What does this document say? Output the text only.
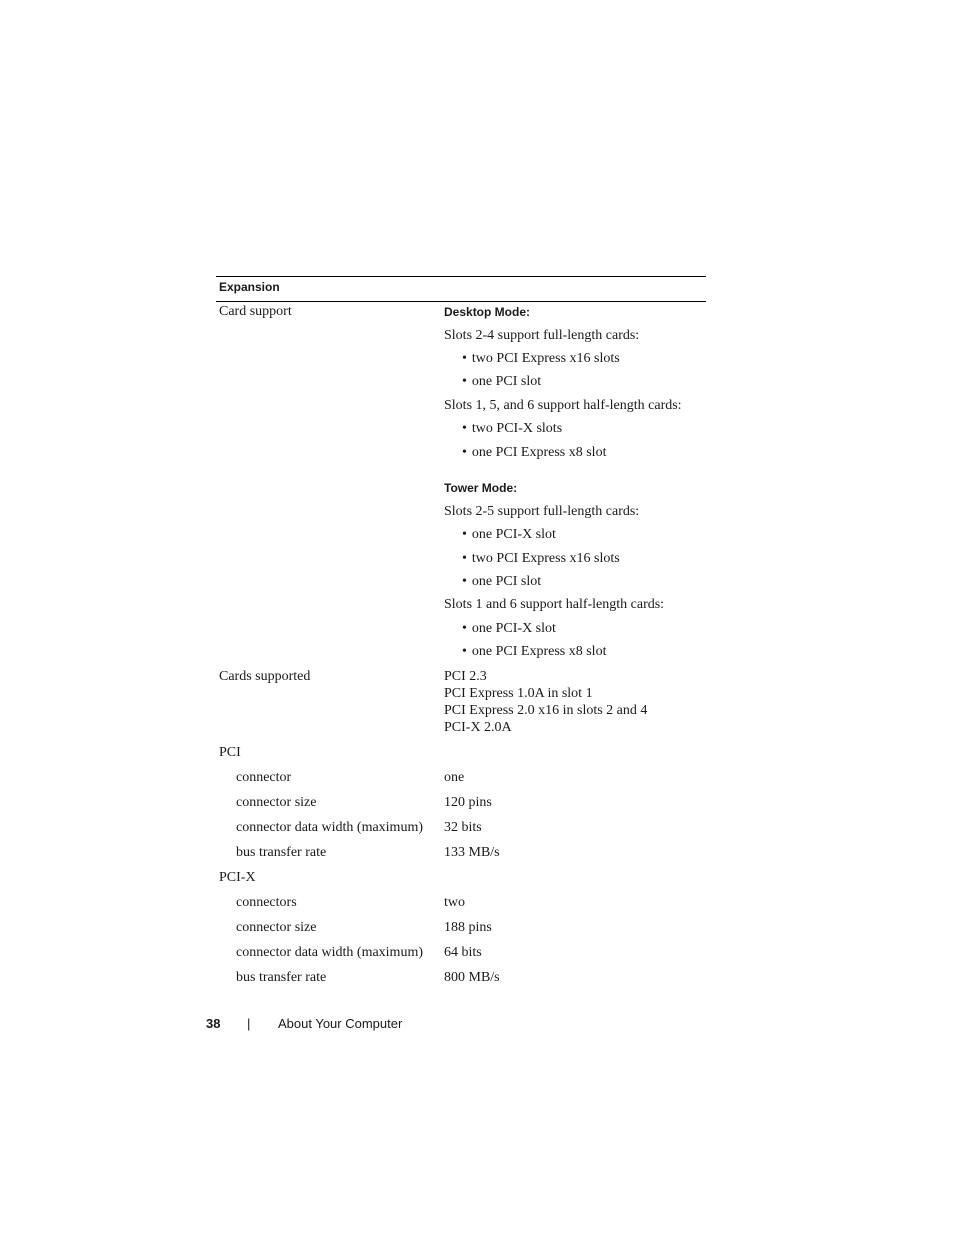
Expansion
Card support	Desktop Mode:
Slots 2-4 support full-length cards:
• two PCI Express x16 slots
• one PCI slot
Slots 1, 5, and 6 support half-length cards:
• two PCI-X slots
• one PCI Express x8 slot
Tower Mode:
Slots 2-5 support full-length cards:
• one PCI-X slot
• two PCI Express x16 slots
• one PCI slot
Slots 1 and 6 support half-length cards:
• one PCI-X slot
• one PCI Express x8 slot
Cards supported	PCI 2.3
PCI Express 1.0A in slot 1
PCI Express 2.0 x16 in slots 2 and 4
PCI-X 2.0A
PCI
connector	one
connector size	120 pins
connector data width (maximum) 32 bits
bus transfer rate	133 MB/s
PCI-X
connectors	two
connector size	188 pins
connector data width (maximum) 64 bits
bus transfer rate	800 MB/s
38 | About Your Computer
